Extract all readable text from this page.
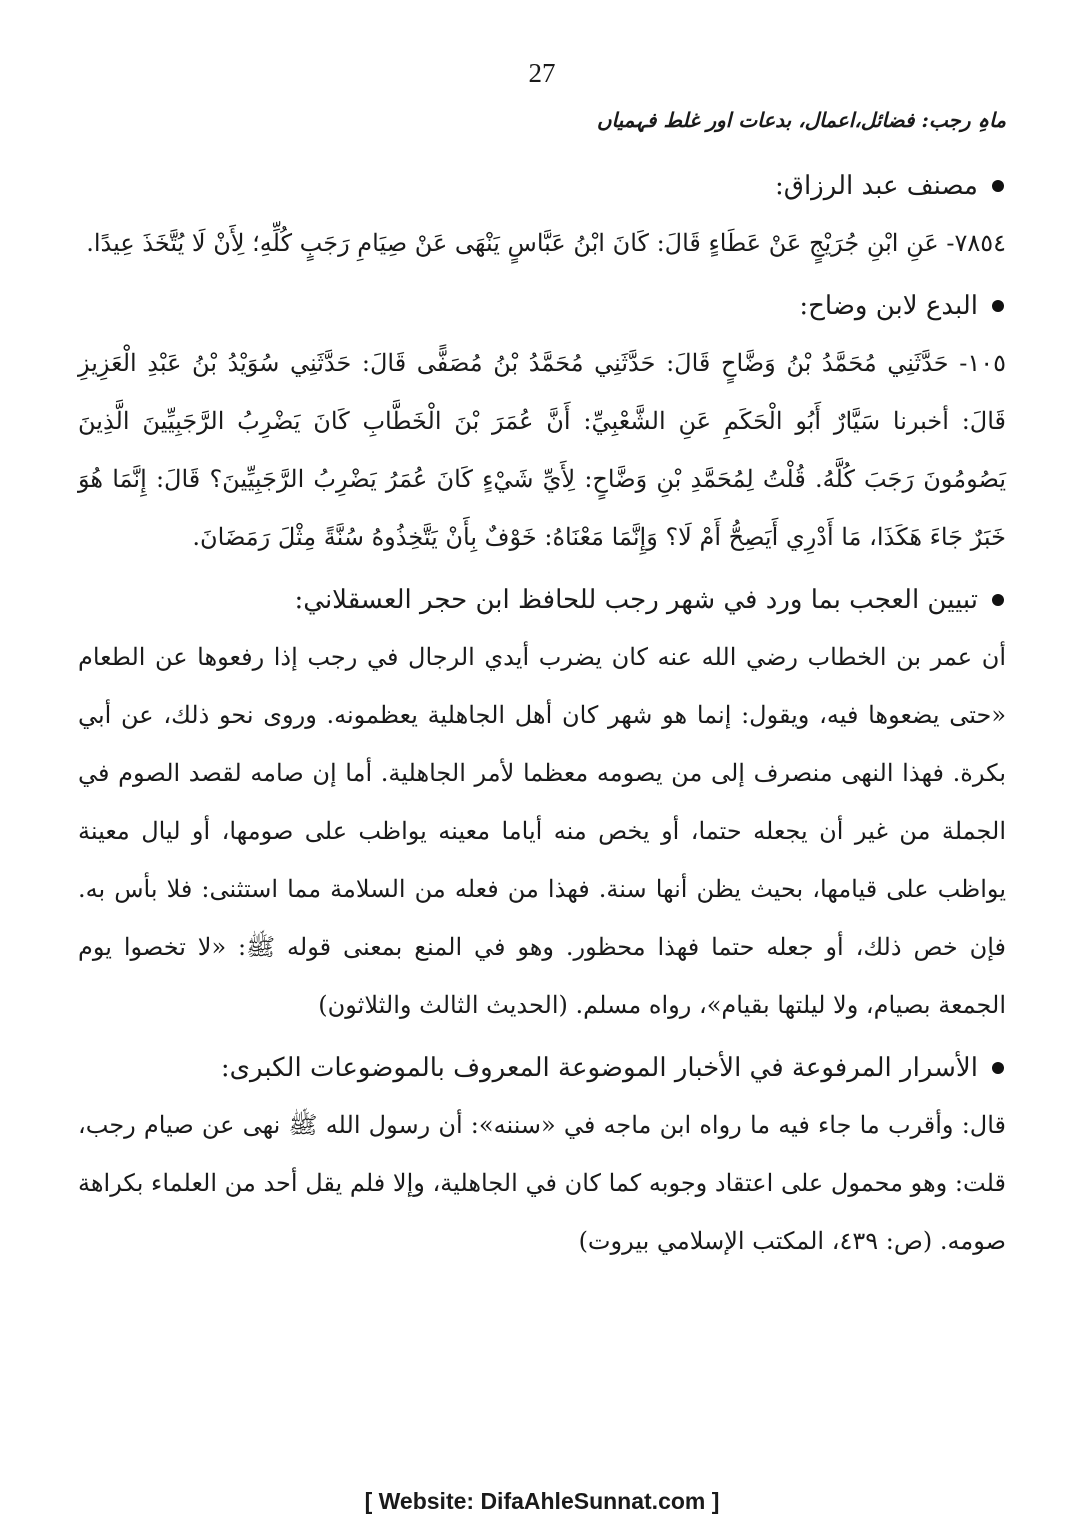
27
ماہِ رجب: فضائل،اعمال، بدعات اور غلط فہمیاں
مصنف عبد الرزاق:

٧٨٥٤- عَنِ ابْنِ جُرَيْجٍ عَنْ عَطَاءٍ قَالَ: كَانَ ابْنُ عَبَّاسٍ يَنْهَى عَنْ صِيَامِ رَجَبٍ كُلِّهِ؛ لِأَنْ لَا يُتَّخَذَ عِيدًا.

البدع لابن وضاح:

١٠٥- حَدَّثَنِي مُحَمَّدُ بْنُ وَضَّاحٍ قَالَ: حَدَّثَنِي مُحَمَّدُ بْنُ مُصَفًّى قَالَ: حَدَّثَنِي سُوَيْدُ بْنُ عَبْدِ الْعَزِيزِ قَالَ: أخبرنا سَيَّارٌ أَبُو الْحَكَمِ عَنِ الشَّعْبِيِّ: أَنَّ عُمَرَ بْنَ الْخَطَّابِ كَانَ يَضْرِبُ الرَّجَبِيِّينَ الَّذِينَ يَصُومُونَ رَجَبَ كُلَّهُ. قُلْتُ لِمُحَمَّدِ بْنِ وَضَّاحٍ: لِأَيِّ شَيْءٍ كَانَ عُمَرُ يَضْرِبُ الرَّجَبِيِّينَ؟ قَالَ: إِنَّمَا هُوَ خَبَرٌ جَاءَ هَكَذَا، مَا أَدْرِي أَيَصِحُّ أَمْ لَا؟ وَإِنَّمَا مَعْنَاهُ: خَوْفٌ بِأَنْ يَتَّخِذُوهُ سُنَّةً مِثْلَ رَمَضَانَ.

تبيين العجب بما ورد في شهر رجب للحافظ ابن حجر العسقلاني:

أن عمر بن الخطاب رضي الله عنه كان يضرب أيدي الرجال في رجب إذا رفعوها عن الطعام «حتى يضعوها فيه، ويقول: إنما هو شهر كان أهل الجاهلية يعظمونه. وروى نحو ذلك، عن أبي بكرة. فهذا النهى منصرف إلى من يصومه معظما لأمر الجاهلية. أما إن صامه لقصد الصوم في الجملة من غير أن يجعله حتما، أو يخص منه أياما معينه يواظب على صومها، أو ليال معينة يواظب على قيامها، بحيث يظن أنها سنة. فهذا من فعله من السلامة مما استثنى: فلا بأس به. فإن خص ذلك، أو جعله حتما فهذا محظور. وهو في المنع بمعنى قوله ﷺ: «لا تخصوا يوم الجمعة بصيام، ولا ليلتها بقيام»، رواه مسلم. (الحديث الثالث والثلاثون)

الأسرار المرفوعة في الأخبار الموضوعة المعروف بالموضوعات الكبرى:

قال: وأقرب ما جاء فيه ما رواه ابن ماجه في «سننه»: أن رسول الله ﷺ نهى عن صيام رجب، قلت: وهو محمول على اعتقاد وجوبه كما كان في الجاهلية، وإلا فلم يقل أحد من العلماء بكراهة صومه. (ص: ٤٣٩، المكتب الإسلامي بيروت)

[ Website: DifaAhleSunnat.com ]
